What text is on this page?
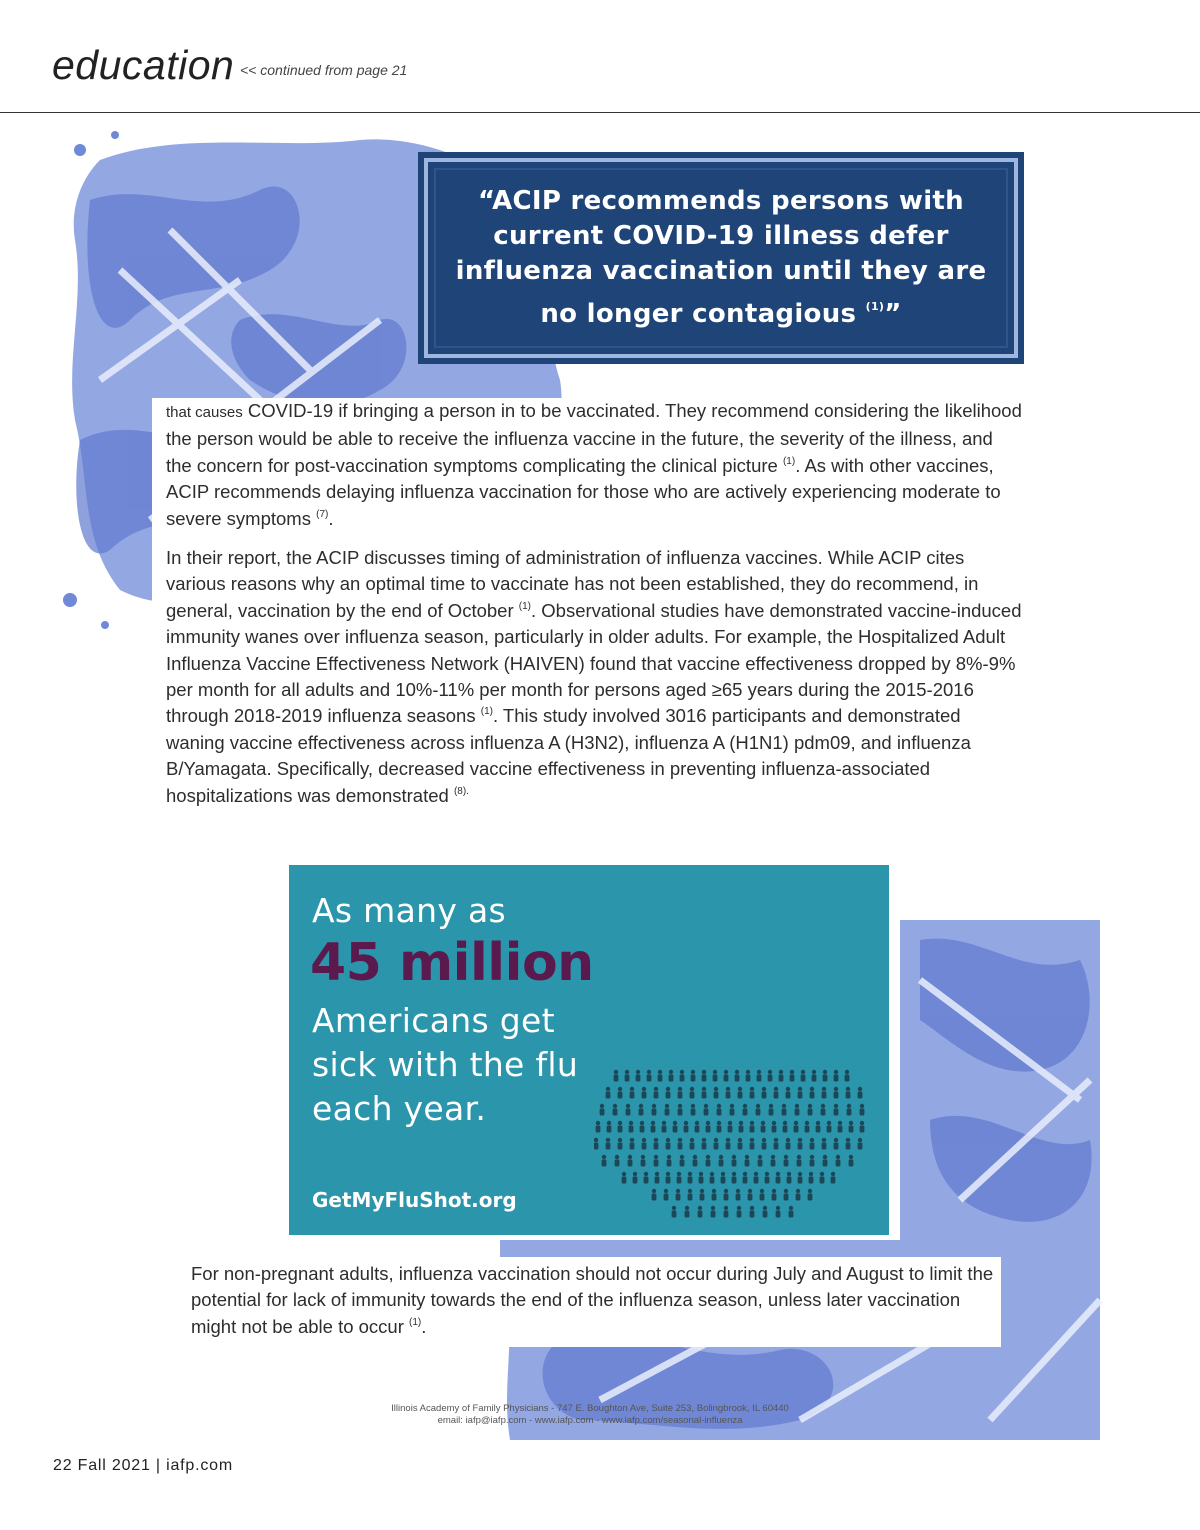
education << continued from page 21

“ACIP recommends persons with
current COVID-19 illness defer
influenza vaccination until they are
no longer contagious $^{(1)}$”

that causes COVID-19 if bringing a person in to be vaccinated. They recommend considering the likelihood the person would be able to receive the influenza vaccine in the future, the severity of the illness, and the concern for post-vaccination symptoms complicating the clinical picture $^{(1)}$. As with other vaccines, ACIP recommends delaying influenza vaccination for those who are actively experiencing moderate to severe symptoms $^{(7)}$.

In their report, the ACIP discusses timing of administration of influenza vaccines. While ACIP cites various reasons why an optimal time to vaccinate has not been established, they do recommend, in general, vaccination by the end of October $^{(1)}$. Observational studies have demonstrated vaccine-induced immunity wanes over influenza season, particularly in older adults. For example, the Hospitalized Adult Influenza Vaccine Effectiveness Network (HAIVEN) found that vaccine effectiveness dropped by 8%-9% per month for all adults and 10%-11% per month for persons aged ≥65 years during the 2015-2016 through 2018-2019 influenza seasons $^{(1)}$. This study involved 3016 participants and demonstrated waning vaccine effectiveness across influenza A (H3N2), influenza A (H1N1) pdm09, and influenza B/Yamagata. Specifically, decreased vaccine effectiveness in preventing influenza-associated hospitalizations was demonstrated $^{(8).}$

As many as

45 million

Americans get

sick with the flu

each year.

GetMyFluShot.org

For non-pregnant adults, influenza vaccination should not occur during July and August to limit the potential for lack of immunity towards the end of the influenza season, unless later vaccination might not be able to occur $^{(1)}$.

Illinois Academy of Family Physicians - 747 E. Boughton Ave, Suite 253, Bolingbrook, IL 60440

email: iafp@iafp.com - www.iafp.com - www.iafp.com/seasonal-influenza

22 Fall 2021 | iafp.com
